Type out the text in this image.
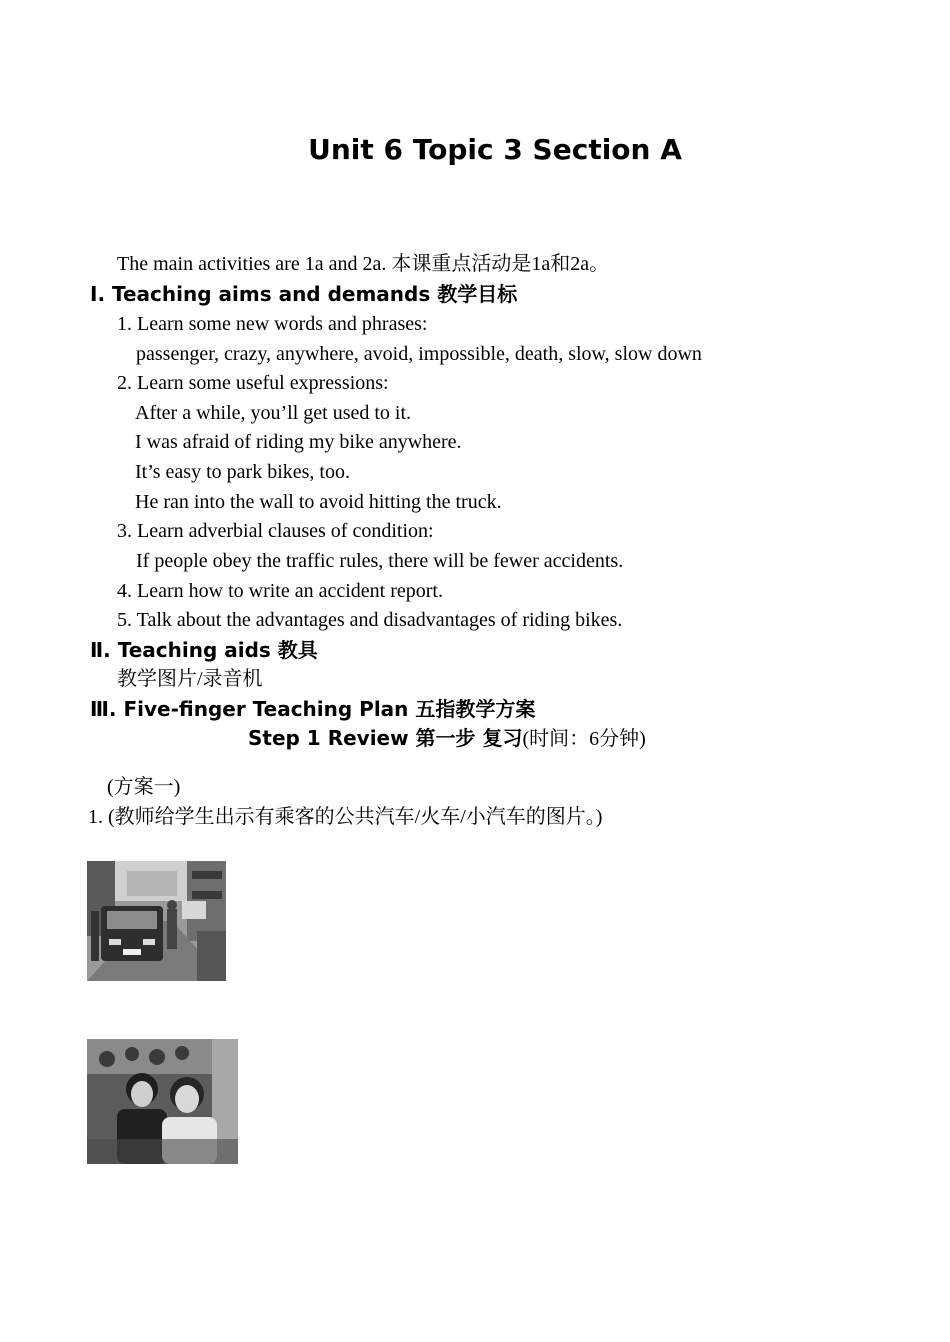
Unit 6 Topic 3 Section A
The main activities are 1a and 2a. 本课重点活动是1a和2a。
Ⅰ. Teaching aims and demands 教学目标
1. Learn some new words and phrases:
passenger, crazy, anywhere, avoid, impossible, death, slow, slow down
2. Learn some useful expressions:
After a while, you’ll get used to it.
I was afraid of riding my bike anywhere.
It’s easy to park bikes, too.
He ran into the wall to avoid hitting the truck.
3. Learn adverbial clauses of condition:
If people obey the traffic rules, there will be fewer accidents.
4. Learn how to write an accident report.
5. Talk about the advantages and disadvantages of riding bikes.
Ⅱ. Teaching aids 教具
教学图片/录音机
Ⅲ. Five-finger Teaching Plan 五指教学方案
Step 1 Review 第一步 复习(时间：6分钟)
(方案一)
1. (教师给学生出示有乘客的公共汽车/火车/小汽车的图片。)
